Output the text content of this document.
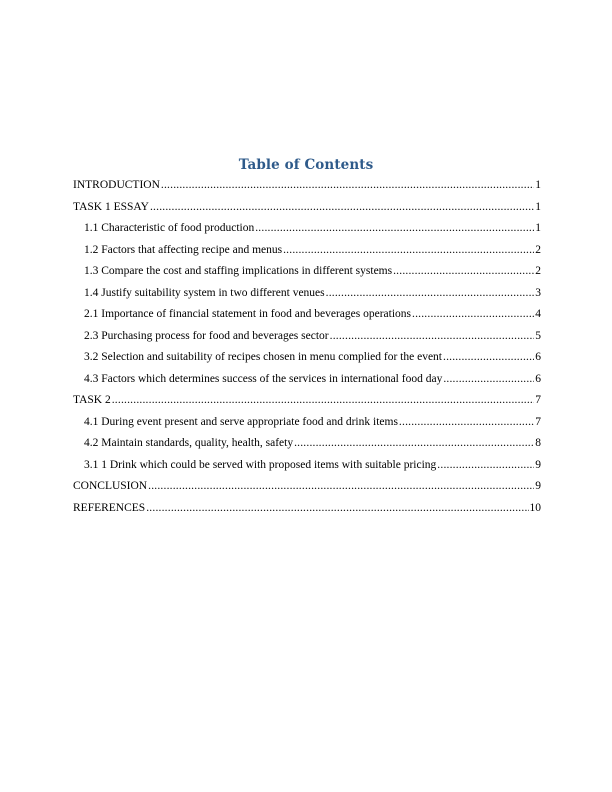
Table of Contents
INTRODUCTION .....	1
TASK 1 ESSAY .....	1
1.1 Characteristic of food production .....	1
1.2 Factors that affecting recipe and menus .....	2
1.3 Compare the cost and staffing implications in different systems .....	2
1.4 Justify suitability system in two different venues .....	3
2.1 Importance of financial statement in food and beverages operations .....	4
2.3 Purchasing process for food and beverages sector .....	5
3.2 Selection and suitability of recipes chosen in menu complied for the event .....	6
4.3 Factors which determines success of the services in international food day .....	6
TASK 2 .....	7
4.1 During event present and serve appropriate food and drink items .....	7
4.2 Maintain standards, quality, health, safety .....	8
3.1 1 Drink which could be served with proposed items with suitable pricing .....	9
CONCLUSION .....	9
REFERENCES .....	10
